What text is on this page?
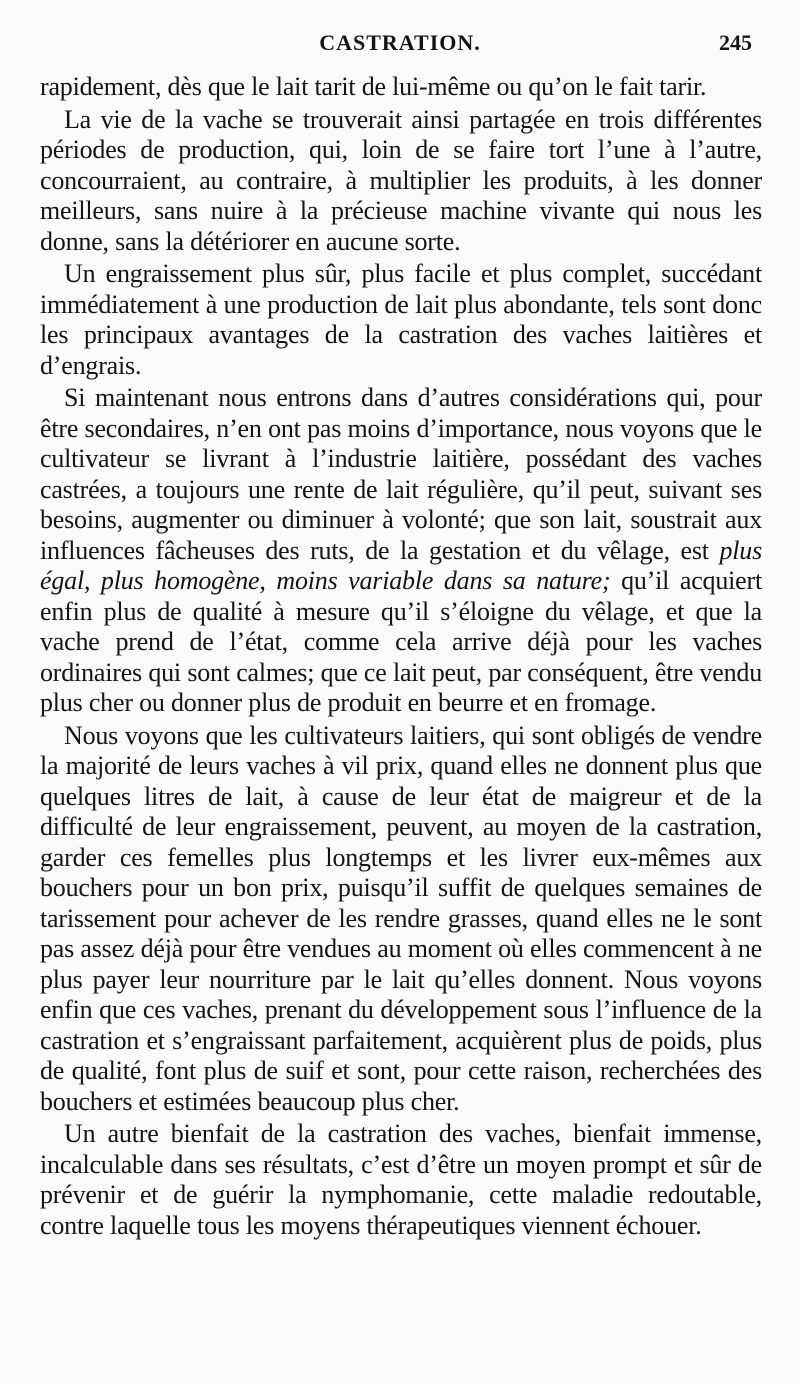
CASTRATION.	245

rapidement, dès que le lait tarit de lui-même ou qu’on le fait tarir.

La vie de la vache se trouverait ainsi partagée en trois différentes périodes de production, qui, loin de se faire tort l’une à l’autre, concourraient, au contraire, à multiplier les produits, à les donner meilleurs, sans nuire à la précieuse machine vivante qui nous les donne, sans la détériorer en aucune sorte.

Un engraissement plus sûr, plus facile et plus complet, succédant immédiatement à une production de lait plus abondante, tels sont donc les principaux avantages de la castration des vaches laitières et d’engrais.

Si maintenant nous entrons dans d’autres considérations qui, pour être secondaires, n’en ont pas moins d’importance, nous voyons que le cultivateur se livrant à l’industrie laitière, possédant des vaches castrées, a toujours une rente de lait régulière, qu’il peut, suivant ses besoins, augmenter ou diminuer à volonté; que son lait, soustrait aux influences fâcheuses des ruts, de la gestation et du vêlage, est plus égal, plus homogène, moins variable dans sa nature; qu’il acquiert enfin plus de qualité à mesure qu’il s’éloigne du vêlage, et que la vache prend de l’état, comme cela arrive déjà pour les vaches ordinaires qui sont calmes; que ce lait peut, par conséquent, être vendu plus cher ou donner plus de produit en beurre et en fromage.

Nous voyons que les cultivateurs laitiers, qui sont obligés de vendre la majorité de leurs vaches à vil prix, quand elles ne donnent plus que quelques litres de lait, à cause de leur état de maigreur et de la difficulté de leur engraissement, peuvent, au moyen de la castration, garder ces femelles plus longtemps et les livrer eux-mêmes aux bouchers pour un bon prix, puisqu’il suffit de quelques semaines de tarissement pour achever de les rendre grasses, quand elles ne le sont pas assez déjà pour être vendues au moment où elles commencent à ne plus payer leur nourriture par le lait qu’elles donnent. Nous voyons enfin que ces vaches, prenant du développement sous l’influence de la castration et s’engraissant parfaitement, acquièrent plus de poids, plus de qualité, font plus de suif et sont, pour cette raison, recherchées des bouchers et estimées beaucoup plus cher.

Un autre bienfait de la castration des vaches, bienfait immense, incalculable dans ses résultats, c’est d’être un moyen prompt et sûr de prévenir et de guérir la nymphomanie, cette maladie redoutable, contre laquelle tous les moyens thérapeutiques viennent échouer.
